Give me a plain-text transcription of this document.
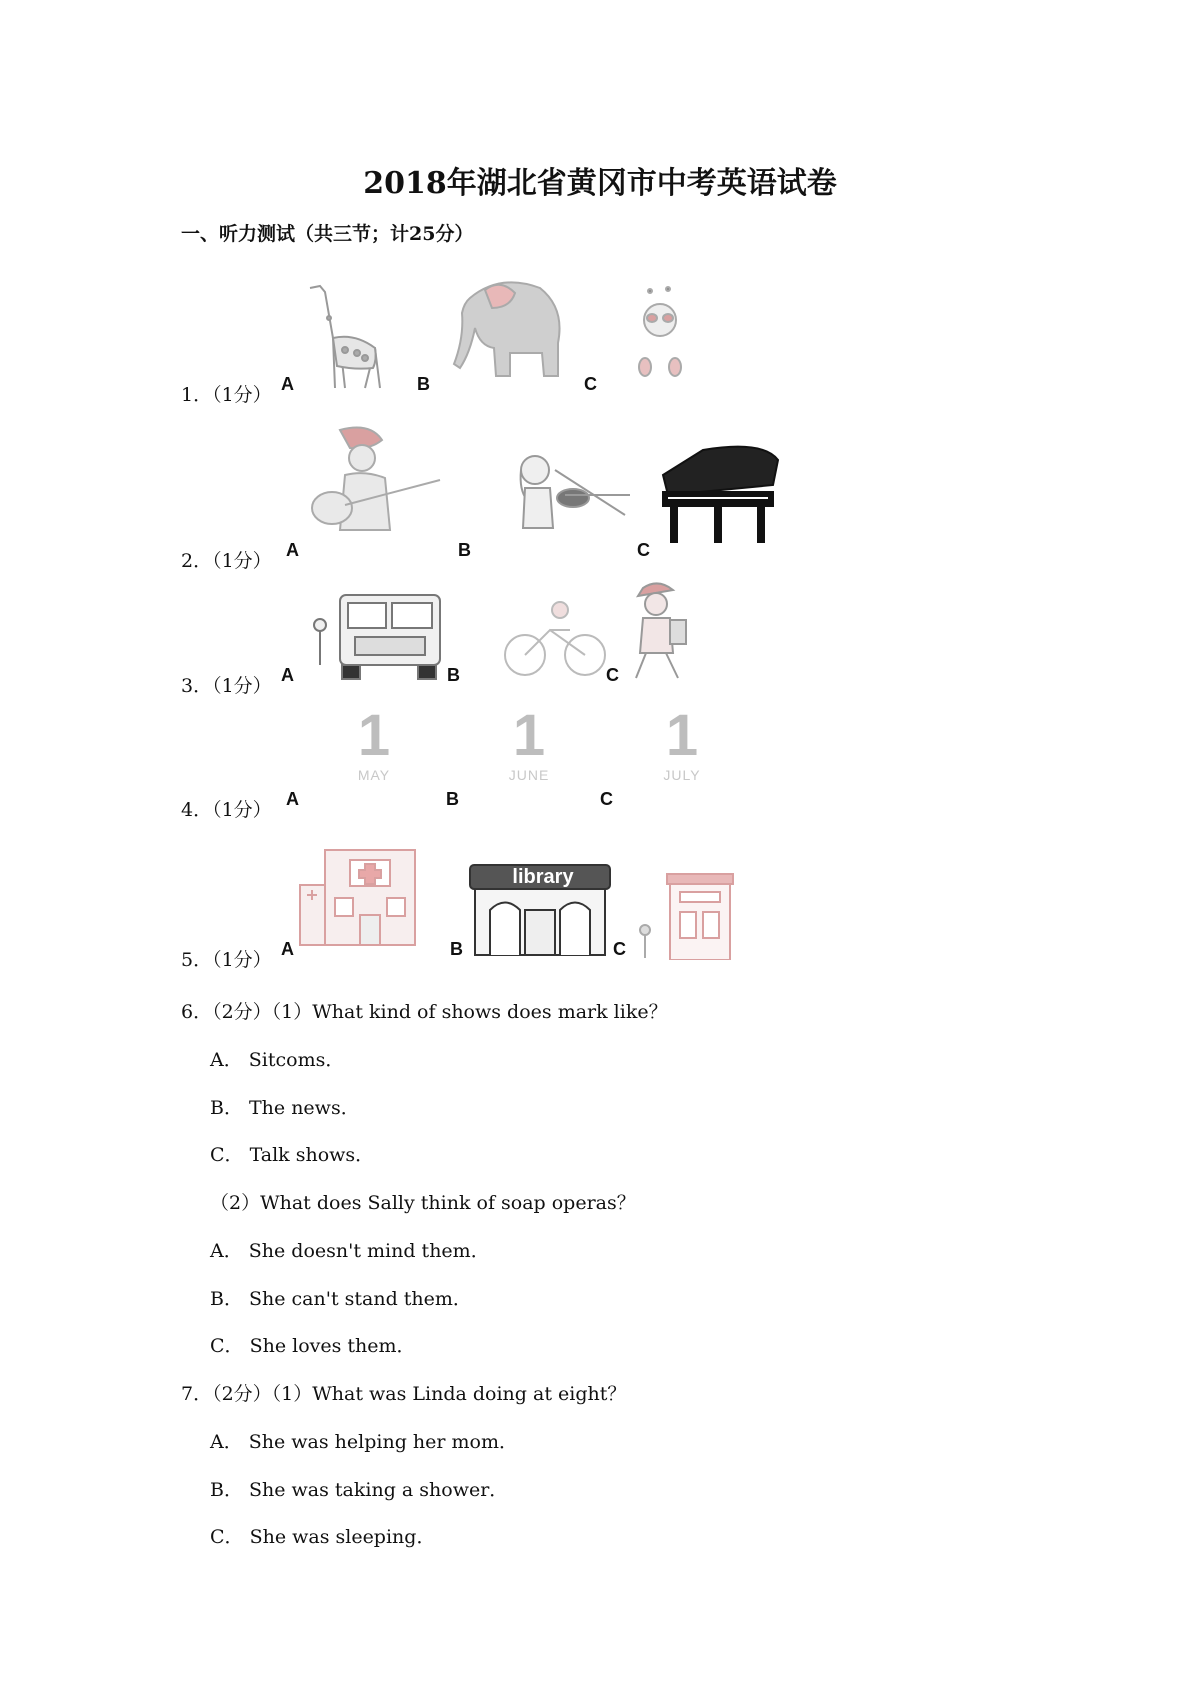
2018年湖北省黄冈市中考英语试卷
一、听力测试（共三节；计25分）
1．（1分） A	B	C
2．（1分） A	B	C
3．（1分） A	B	C
4．（1分） A	B	C
1
MAY
1
JUNE
1
JULY
5．（1分） A	B	C
library
6．（2分）（1）What kind of shows does mark like？
A． Sitcoms．
B． The news．
C． Talk shows．
（2）What does Sally think of soap operas？
A． She doesn't mind them．
B． She can't stand them．
C． She loves them．
7．（2分）（1）What was Linda doing at eight？
A． She was helping her mom．
B． She was taking a shower．
C． She was sleeping．
